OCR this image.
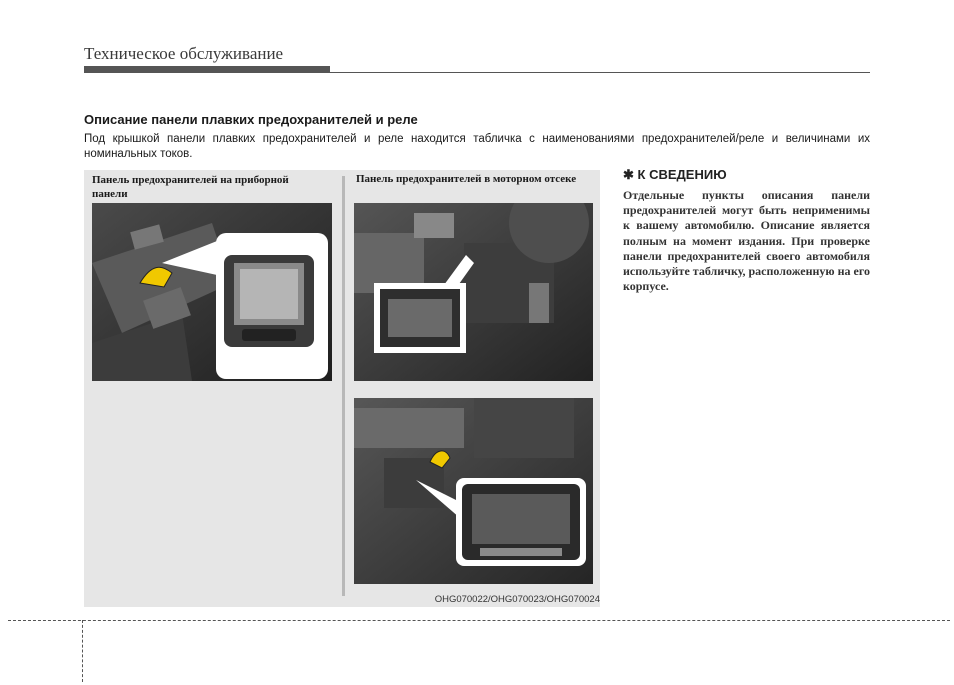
Техническое обслуживание
Описание панели плавких предохранителей и реле
Под крышкой панели плавких предохранителей и реле находится табличка с наименованиями предохранителей/реле и величинами их номинальных токов.
Панель предохранителей на приборной панели
Панель предохранителей в моторном отсеке
OHG070022/OHG070023/OHG070024
✱ К СВЕДЕНИЮ
Отдельные пункты описания панели предохранителей могут быть неприменимы к вашему автомобилю. Описание является полным на момент издания. При проверке панели предохранителей своего автомобиля используйте табличку, расположенную на его корпусе.
